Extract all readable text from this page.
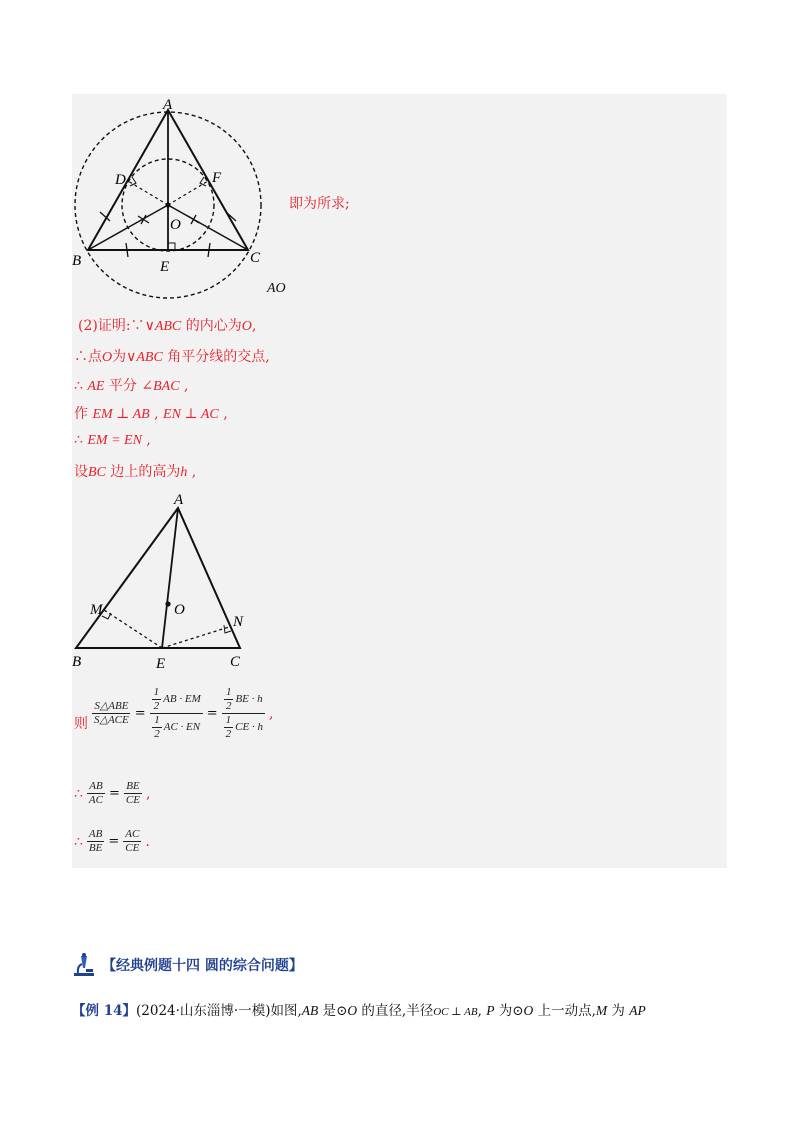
A
B	C
D
E
F
O
即为所求;
AO
(2)证明:∵∨ABC 的内心为O,
∴点O为∨ABC 角平分线的交点,
∴ AE 平分 ∠BAC ,
作 EM ⊥ AB , EN ⊥ AC ,
∴ EM = EN ,
设BC 边上的高为h ,
A
B	C
E
M
N
O
则 $\frac{\text{S△ABE}}{\text{S△ACE}} = \frac{\frac{1}{2} AB \cdot EM}{\frac{1}{2} AC \cdot EN} = \frac{\frac{1}{2} BE \cdot h}{\frac{1}{2} CE \cdot h}$ ,
∴ $\frac{AB}{AC} = \frac{BE}{CE}$ ,
∴ $\frac{AB}{BE} = \frac{AC}{CE}$ .
【经典例题十四 圆的综合问题】
【例 14】(2024·山东淄博·一模)如图,AB 是⊙O 的直径,半径OC ⊥ AB, P 为⊙O 上一动点,M 为 AP
